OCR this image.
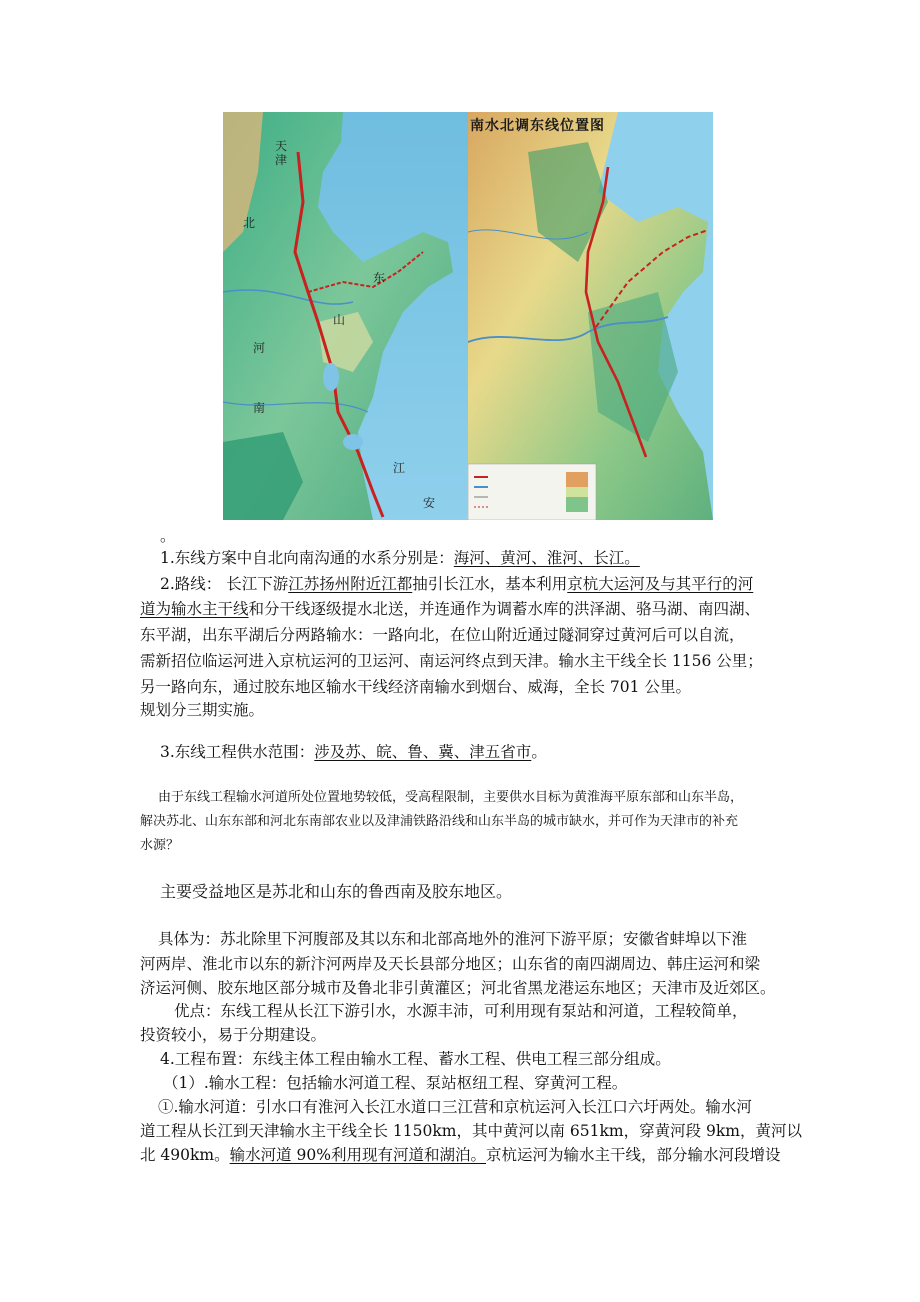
天
津
北
山
东
河
南
江
安
南水北调东线位置图
。
1.东线方案中自北向南沟通的水系分别是：海河、黄河、淮河、长江。
2.路线： 长江下游江苏扬州附近江都抽引长江水，基本利用京杭大运河及与其平行的河
道为输水主干线和分干线逐级提水北送，并连通作为调蓄水库的洪泽湖、骆马湖、南四湖、
东平湖，出东平湖后分两路输水：一路向北，在位山附近通过隧洞穿过黄河后可以自流，
需新招位临运河进入京杭运河的卫运河、南运河终点到天津。输水主干线全长 1156 公里；
另一路向东，通过胶东地区输水干线经济南输水到烟台、威海，全长 701 公里。
规划分三期实施。
3.东线工程供水范围：涉及苏、皖、鲁、冀、津五省市。
由于东线工程输水河道所处位置地势较低，受高程限制，主要供水目标为黄淮海平原东部和山东半岛，
解决苏北、山东东部和河北东南部农业以及津浦铁路沿线和山东半岛的城市缺水，并可作为天津市的补充
水源？
主要受益地区是苏北和山东的鲁西南及胶东地区。
具体为：苏北除里下河腹部及其以东和北部高地外的淮河下游平原；安徽省蚌埠以下淮
河两岸、淮北市以东的新汴河两岸及天长县部分地区；山东省的南四湖周边、韩庄运河和梁
济运河侧、胶东地区部分城市及鲁北非引黄灌区；河北省黑龙港运东地区；天津市及近郊区。
优点：东线工程从长江下游引水，水源丰沛，可利用现有泵站和河道，工程较简单，
投资较小，易于分期建设。
4.工程布置：东线主体工程由输水工程、蓄水工程、供电工程三部分组成。
（1）.输水工程：包括输水河道工程、泵站枢纽工程、穿黄河工程。
①.输水河道：引水口有淮河入长江水道口三江营和京杭运河入长江口六圩两处。输水河
道工程从长江到天津输水主干线全长 1150km，其中黄河以南 651km，穿黄河段 9km，黄河以
北 490km。输水河道 90%利用现有河道和湖泊。京杭运河为输水主干线，部分输水河段增设
